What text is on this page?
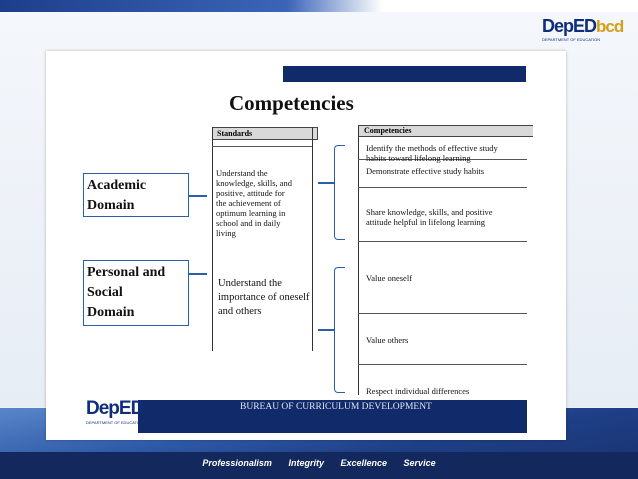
Professionalism Integrity Excellence Service
DepED
DEPARTMENT OF EDUCATION
bcd
Competencies
Standards	Competencies
Academic
Domain
Personal and
Social
Domain
Understand the
knowledge, skills, and
positive, attitude for
the achievement of
optimum learning in
school and in daily
living
Understand the
importance of oneself
and others
Identify the methods of effective study
habits toward lifelong learning
Demonstrate effective study habits
Share knowledge, skills, and positive
attitude helpful in lifelong learning
Value oneself
Value others
Respect individual differences
BUREAU OF CURRICULUM DEVELOPMENT
DepED
DEPARTMENT OF EDUCATION
